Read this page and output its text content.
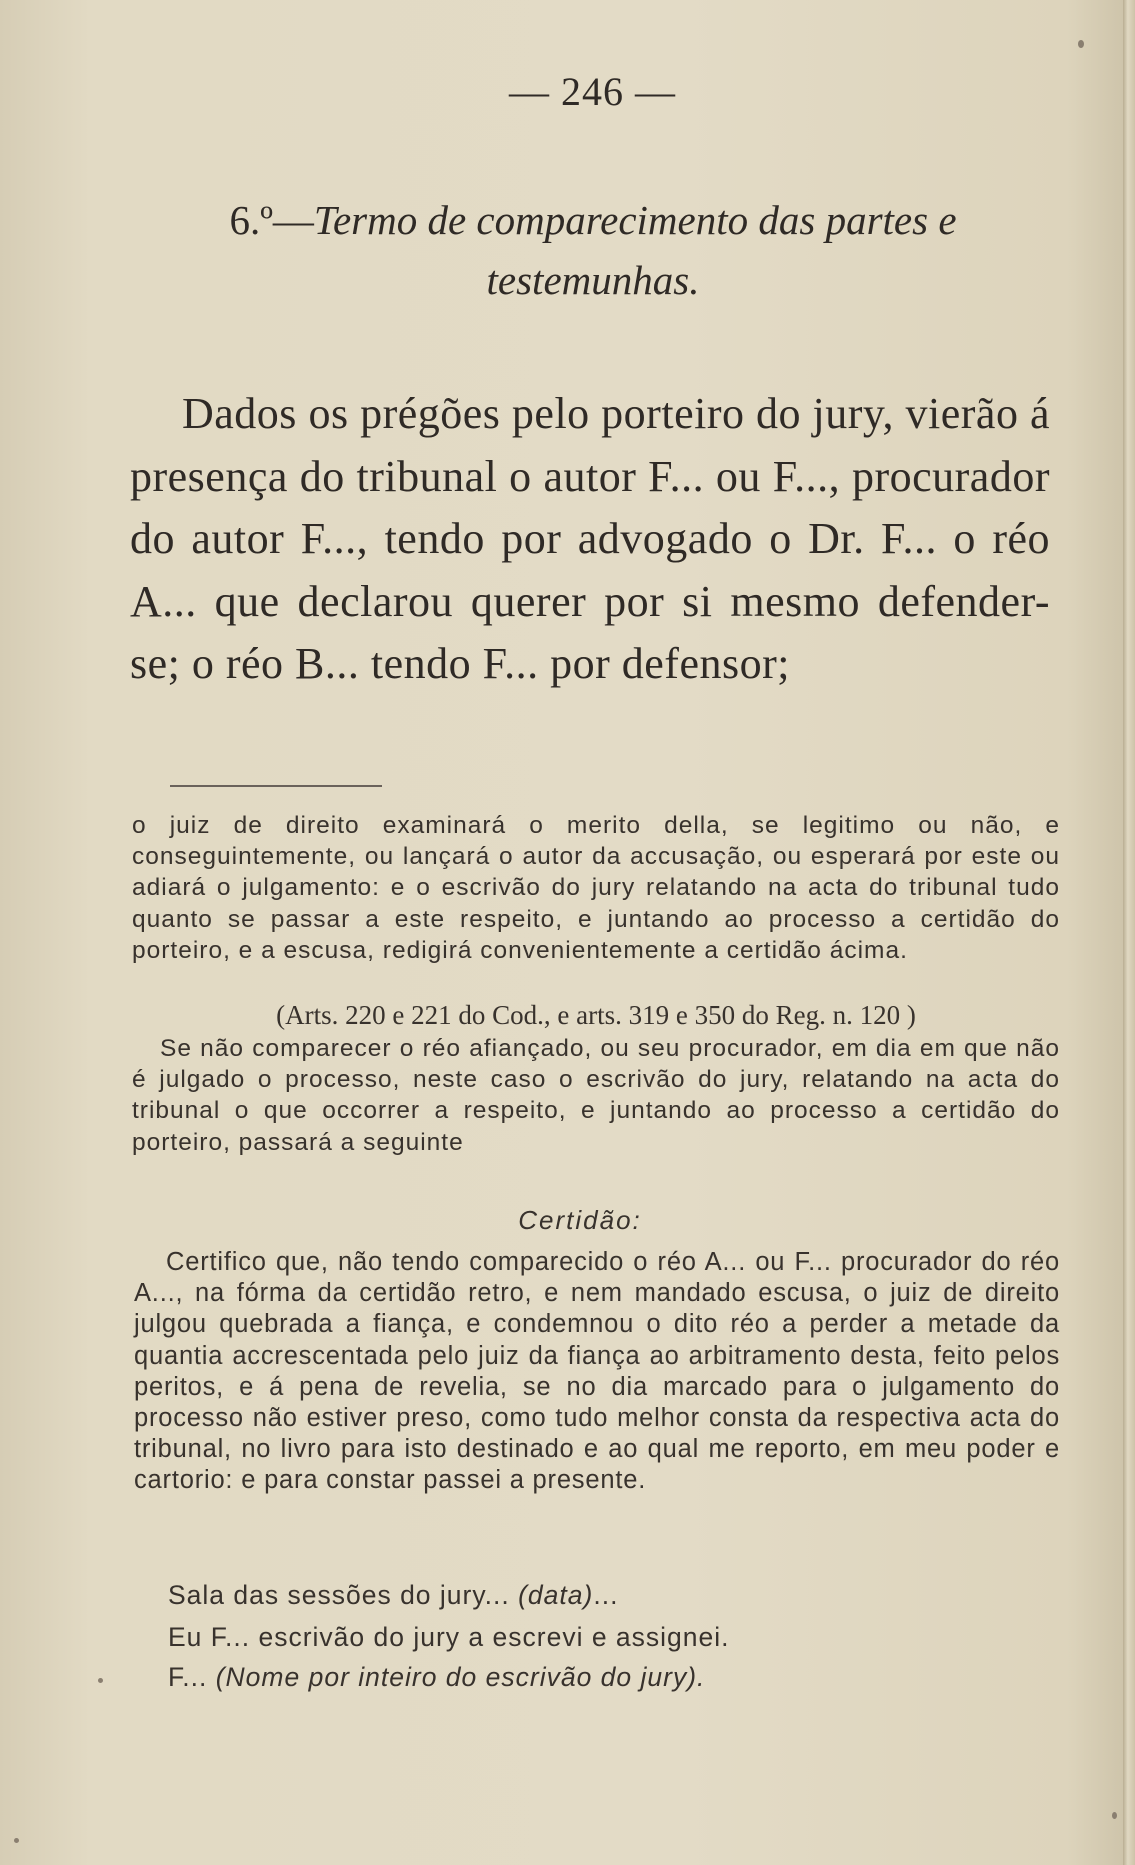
— 246 —
6.º—Termo de comparecimento das partes e testemunhas.
Dados os prégões pelo porteiro do jury, vierão á presença do tribunal o autor F... ou F..., procurador do autor F..., tendo por advogado o Dr. F... o réo A... que declarou querer por si mesmo defender-se; o réo B... tendo F... por defensor;

o juiz de direito examinará o merito della, se legitimo ou não, e conseguintemente, ou lançará o autor da accusação, ou esperará por este ou adiará o julgamento: e o escrivão do jury relatando na acta do tribunal tudo quanto se passar a este respeito, e juntando ao processo a certidão do porteiro, e a escusa, redigirá convenientemente a certidão ácima.

(Arts. 220 e 221 do Cod., e arts. 319 e 350 do Reg. n. 120 )

Se não comparecer o réo afiançado, ou seu procurador, em dia em que não é julgado o processo, neste caso o escrivão do jury, relatando na acta do tribunal o que occorrer a respeito, e juntando ao processo a certidão do porteiro, passará a seguinte

Certidão:
Certifico que, não tendo comparecido o réo A... ou F... procurador do réo A..., na fórma da certidão retro, e nem mandado escusa, o juiz de direito julgou quebrada a fiança, e condemnou o dito réo a perder a metade da quantia accrescentada pelo juiz da fiança ao arbitramento desta, feito pelos peritos, e á pena de revelia, se no dia marcado para o julgamento do processo não estiver preso, como tudo melhor consta da respectiva acta do tribunal, no livro para isto destinado e ao qual me reporto, em meu poder e cartorio: e para constar passei a presente.
Sala das sessões do jury... (data)...
Eu F... escrivão do jury a escrevi e assignei.
F... (Nome por inteiro do escrivão do jury).
